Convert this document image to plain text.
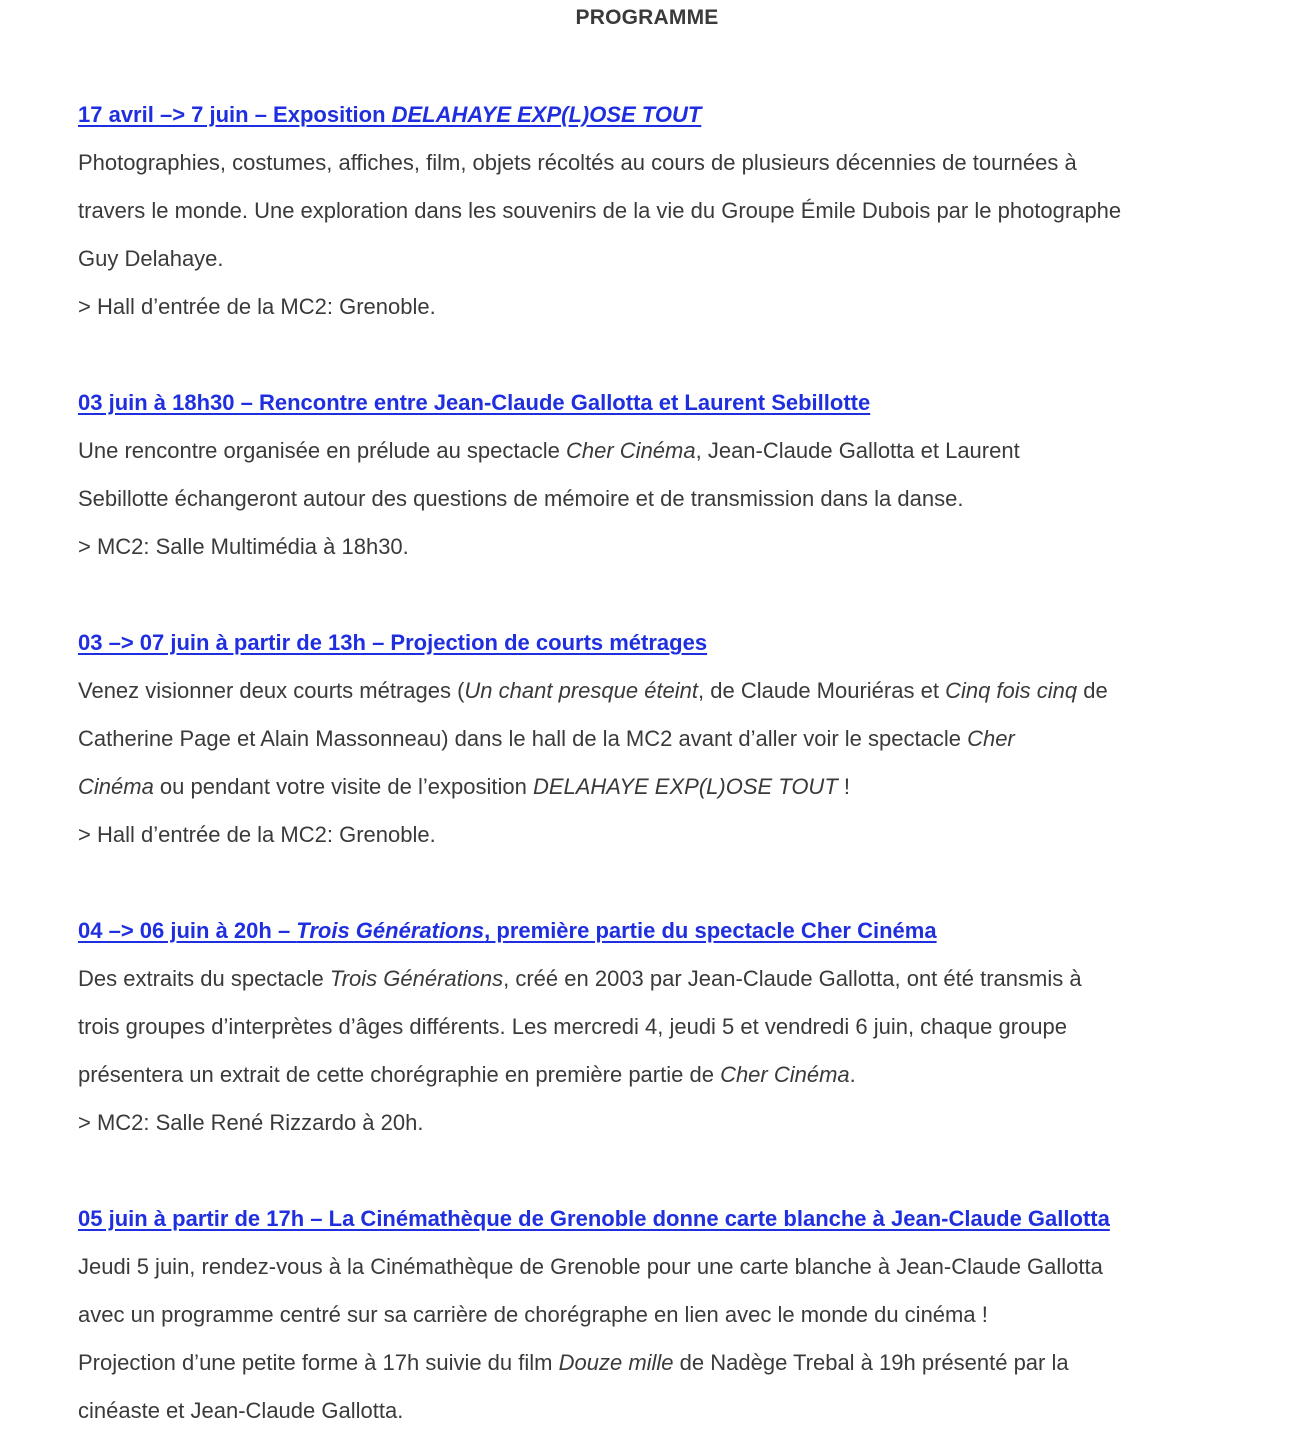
PROGRAMME
17 avril –> 7 juin – Exposition DELAHAYE EXP(L)OSE TOUT
Photographies, costumes, affiches, film, objets récoltés au cours de plusieurs décennies de tournées à
travers le monde. Une exploration dans les souvenirs de la vie du Groupe Émile Dubois par le photographe
Guy Delahaye.
> Hall d’entrée de la MC2: Grenoble.
03 juin à 18h30 – Rencontre entre Jean-Claude Gallotta et Laurent Sebillotte
Une rencontre organisée en prélude au spectacle Cher Cinéma, Jean-Claude Gallotta et Laurent
Sebillotte échangeront autour des questions de mémoire et de transmission dans la danse.
> MC2: Salle Multimédia à 18h30.
03 –> 07 juin à partir de 13h – Projection de courts métrages
Venez visionner deux courts métrages (Un chant presque éteint, de Claude Mouriéras et Cinq fois cinq de
Catherine Page et Alain Massonneau) dans le hall de la MC2 avant d’aller voir le spectacle Cher
Cinéma ou pendant votre visite de l’exposition DELAHAYE EXP(L)OSE TOUT !
> Hall d’entrée de la MC2: Grenoble.
04 –> 06 juin à 20h – Trois Générations, première partie du spectacle Cher Cinéma
Des extraits du spectacle Trois Générations, créé en 2003 par Jean-Claude Gallotta, ont été transmis à
trois groupes d’interprètes d’âges différents. Les mercredi 4, jeudi 5 et vendredi 6 juin, chaque groupe
présentera un extrait de cette chorégraphie en première partie de Cher Cinéma.
> MC2: Salle René Rizzardo à 20h.
05 juin à partir de 17h – La Cinémathèque de Grenoble donne carte blanche à Jean-Claude Gallotta
Jeudi 5 juin, rendez-vous à la Cinémathèque de Grenoble pour une carte blanche à Jean-Claude Gallotta
avec un programme centré sur sa carrière de chorégraphe en lien avec le monde du cinéma !
Projection d’une petite forme à 17h suivie du film Douze mille de Nadège Trebal à 19h présenté par la
cinéaste et Jean-Claude Gallotta.
